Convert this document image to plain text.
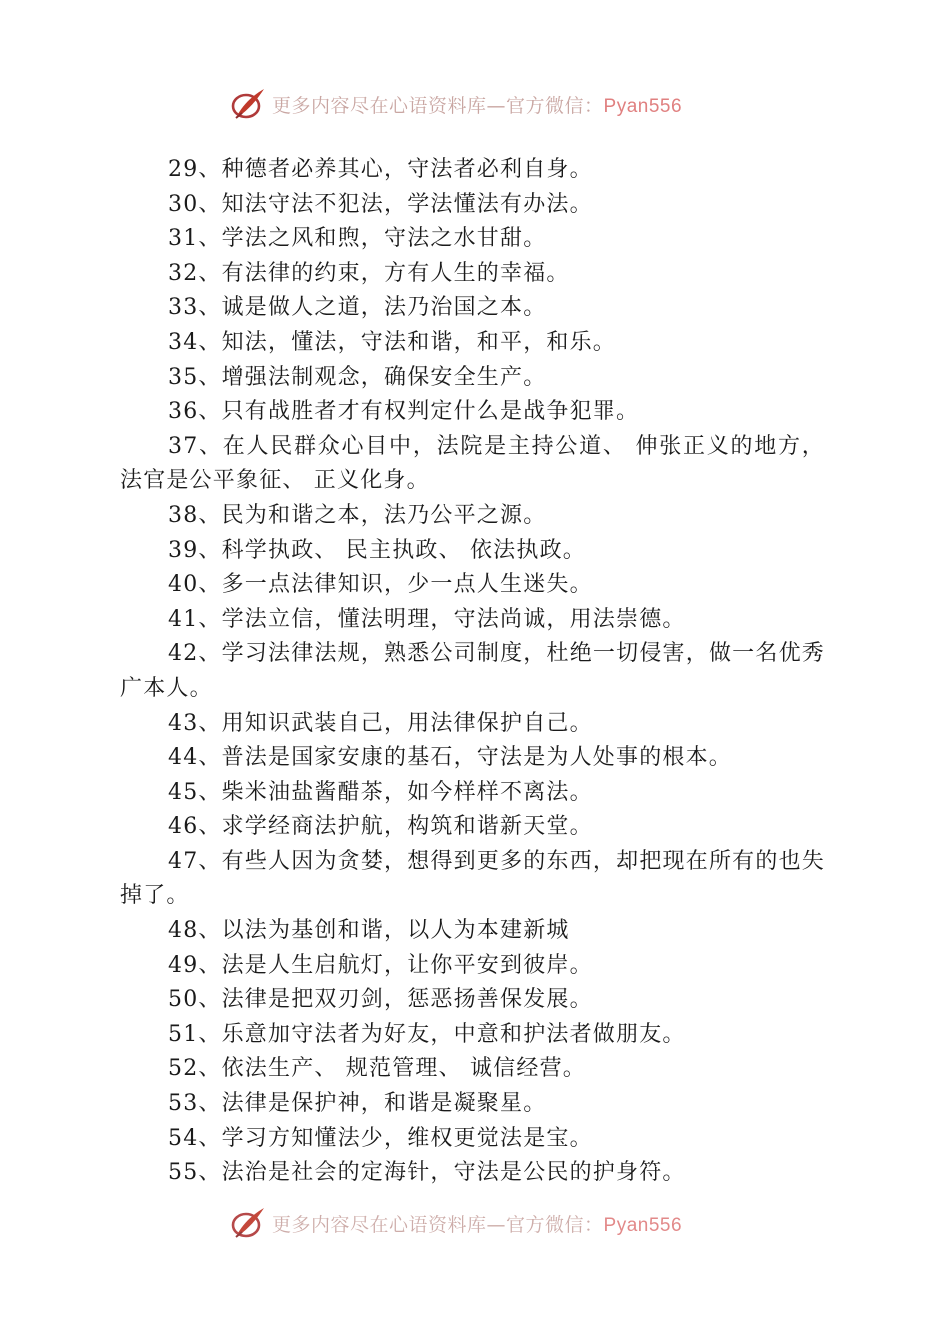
更多内容尽在心语资料库—官方微信：Pyan556

29、种德者必养其心，守法者必利自身。

30、知法守法不犯法，学法懂法有办法。

31、学法之风和煦，守法之水甘甜。

32、有法律的约束，方有人生的幸福。

33、诚是做人之道，法乃治国之本。

34、知法，懂法，守法和谐，和平，和乐。

35、增强法制观念，确保安全生产。

36、只有战胜者才有权判定什么是战争犯罪。

37、在人民群众心目中，法院是主持公道、 伸张正义的地方，法官是公平象征、 正义化身。

38、民为和谐之本，法乃公平之源。

39、科学执政、 民主执政、 依法执政。

40、多一点法律知识，少一点人生迷失。

41、学法立信，懂法明理，守法尚诚，用法崇德。

42、学习法律法规，熟悉公司制度，杜绝一切侵害，做一名优秀广本人。

43、用知识武装自己，用法律保护自己。

44、普法是国家安康的基石，守法是为人处事的根本。

45、柴米油盐酱醋茶，如今样样不离法。

46、求学经商法护航，构筑和谐新天堂。

47、有些人因为贪婪，想得到更多的东西，却把现在所有的也失掉了。

48、以法为基创和谐，以人为本建新城

49、法是人生启航灯，让你平安到彼岸。

50、法律是把双刃剑，惩恶扬善保发展。

51、乐意加守法者为好友，中意和护法者做朋友。

52、依法生产、 规范管理、 诚信经营。

53、法律是保护神，和谐是凝聚星。

54、学习方知懂法少，维权更觉法是宝。

55、法治是社会的定海针，守法是公民的护身符。

更多内容尽在心语资料库—官方微信：Pyan556
